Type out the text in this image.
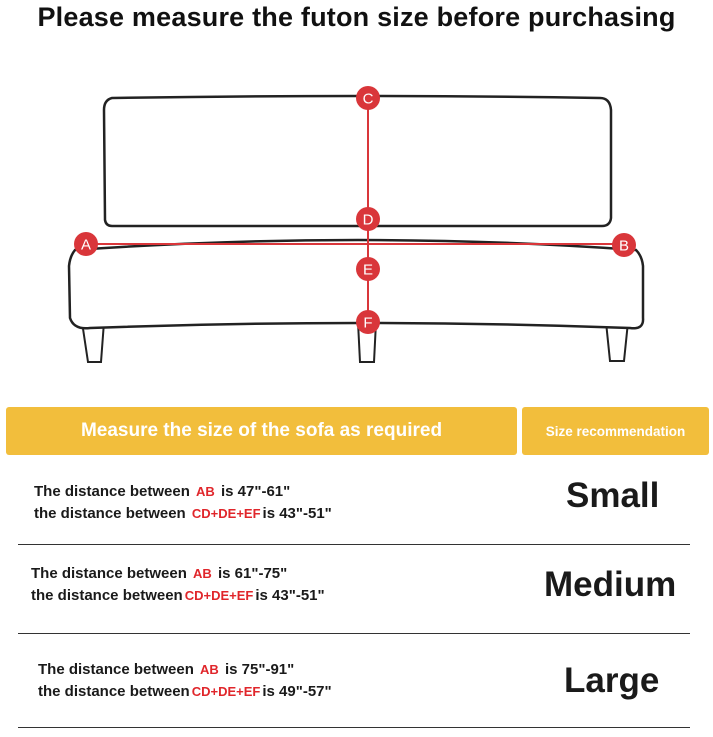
Please measure the futon size before purchasing
A	B
C
D
E
F
Measure the size of the sofa as required	Size recommendation
The distance between AB is 47"-61"
the distance between CD+DE+EF is 43"-51"	Small
The distance between AB is 61"-75"
the distance between CD+DE+EF is 43"-51"	Medium
The distance between AB is 75"-91"
the distance between CD+DE+EF is 49"-57"	Large
